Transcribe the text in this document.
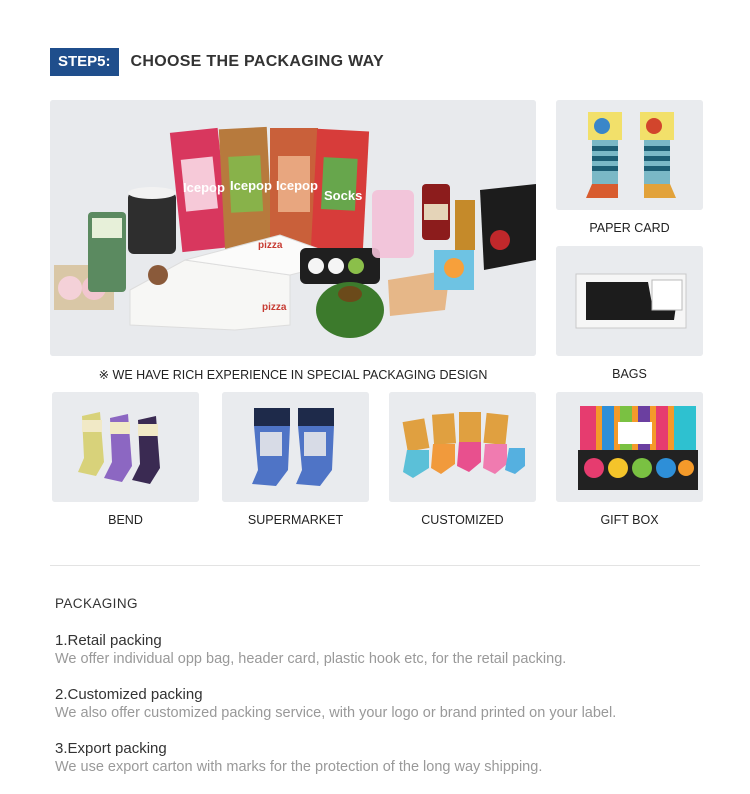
STEP5:	CHOOSE THE PACKAGING WAY
Icepop Icepop Icepop
Socks
pizza
pizza
※ WE HAVE RICH EXPERIENCE IN SPECIAL PACKAGING DESIGN
PAPER CARD
BAGS
BEND	SUPERMARKET	CUSTOMIZED	GIFT BOX
PACKAGING
1.Retail packing
We offer individual opp bag, header card, plastic hook etc, for the retail packing.
2.Customized packing
We also offer customized packing service, with your logo or brand printed on your label.
3.Export packing
We use export carton with marks for the protection of the long way shipping.
